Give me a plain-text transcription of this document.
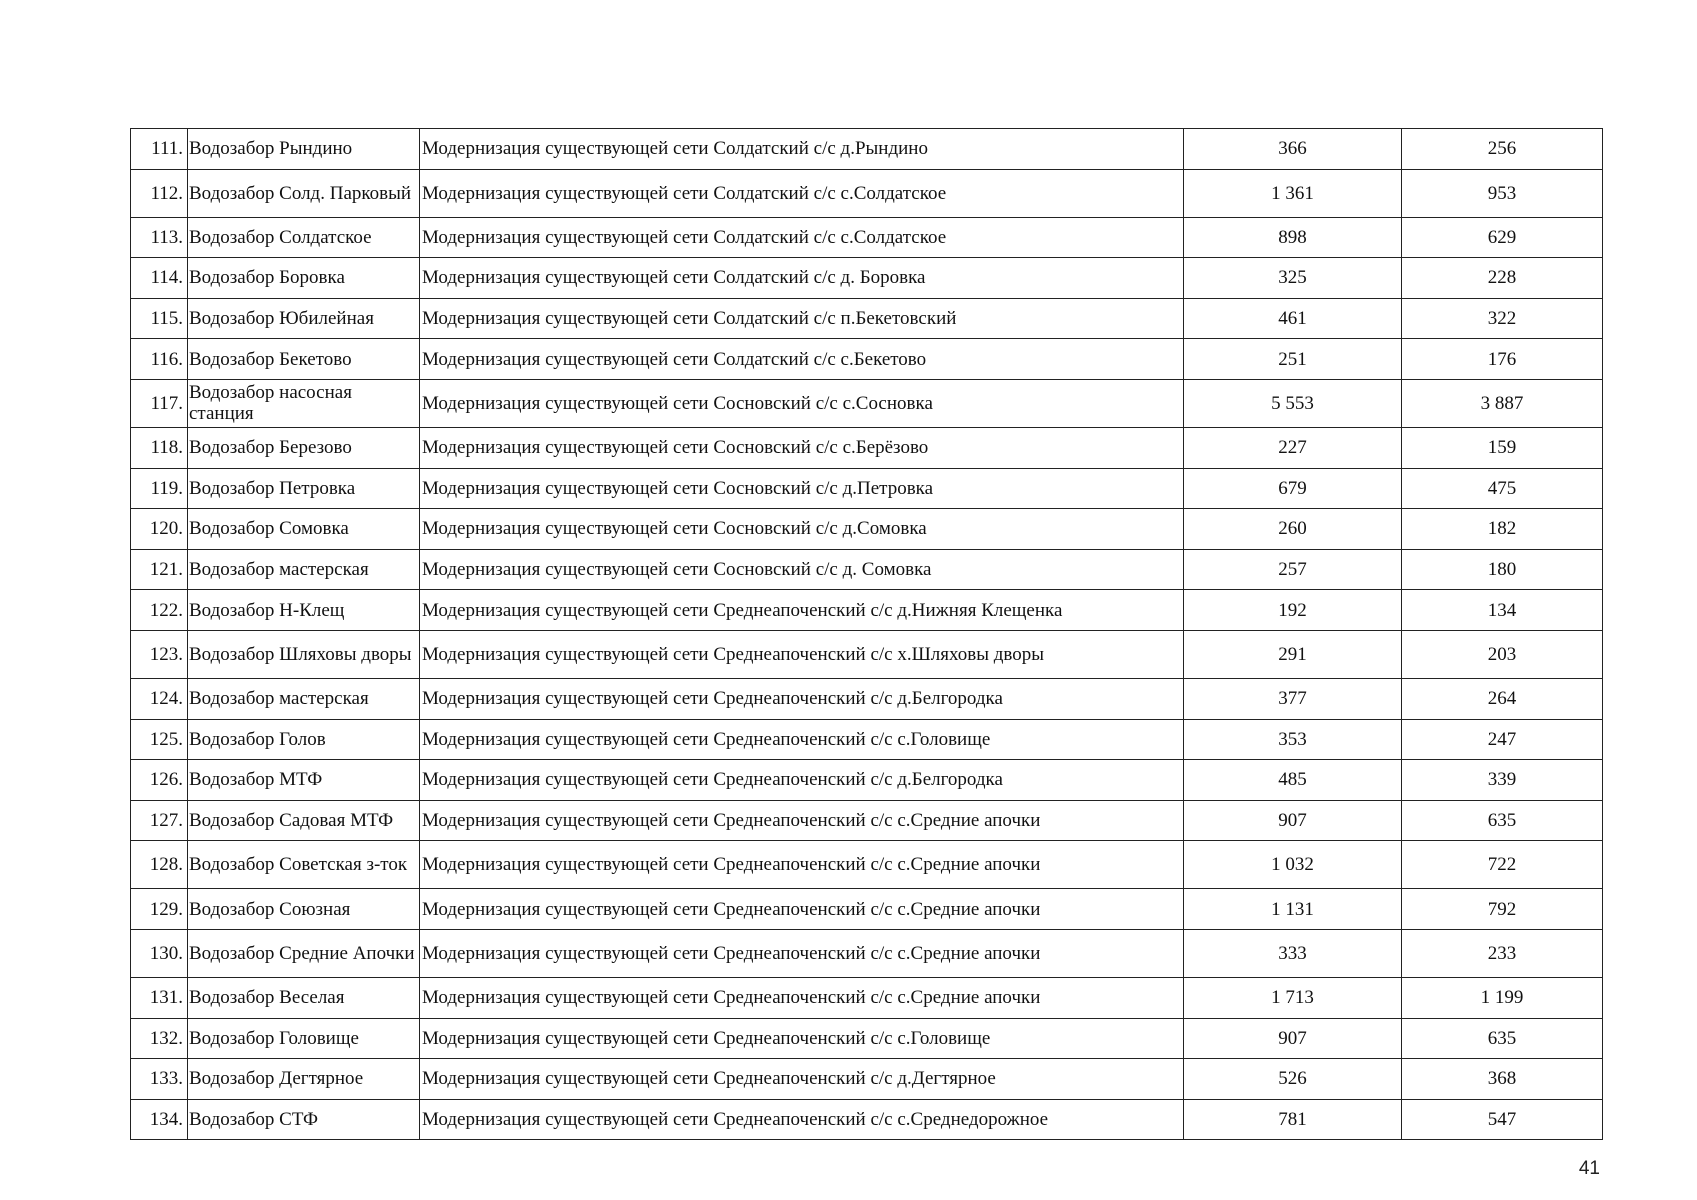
111.	Водозабор Рындино	Модернизация существующей сети Солдатский с/с д.Рындино	366	256
112.	Водозабор Солд. Парковый	Модернизация существующей сети Солдатский с/с с.Солдатское	1 361	953
113.	Водозабор Солдатское	Модернизация существующей сети Солдатский с/с с.Солдатское	898	629
114.	Водозабор Боровка	Модернизация существующей сети Солдатский с/с д. Боровка	325	228
115.	Водозабор Юбилейная	Модернизация существующей сети Солдатский с/с п.Бекетовский	461	322
116.	Водозабор Бекетово	Модернизация существующей сети Солдатский с/с с.Бекетово	251	176
117.	Водозабор насосная станция	Модернизация существующей сети Сосновский с/с с.Сосновка	5 553	3 887
118.	Водозабор Березово	Модернизация существующей сети Сосновский с/с с.Берёзово	227	159
119.	Водозабор Петровка	Модернизация существующей сети Сосновский с/с д.Петровка	679	475
120.	Водозабор Сомовка	Модернизация существующей сети Сосновский с/с д.Сомовка	260	182
121.	Водозабор мастерская	Модернизация существующей сети Сосновский с/с д. Сомовка	257	180
122.	Водозабор Н-Клещ	Модернизация существующей сети Среднеапоченский с/с д.Нижняя Клещенка	192	134
123.	Водозабор Шляховы дворы	Модернизация существующей сети Среднеапоченский с/с х.Шляховы дворы	291	203
124.	Водозабор мастерская	Модернизация существующей сети Среднеапоченский с/с д.Белгородка	377	264
125.	Водозабор Голов	Модернизация существующей сети Среднеапоченский с/с с.Головище	353	247
126.	Водозабор МТФ	Модернизация существующей сети Среднеапоченский с/с д.Белгородка	485	339
127.	Водозабор Садовая МТФ	Модернизация существующей сети Среднеапоченский с/с с.Средние апочки	907	635
128.	Водозабор Советская з-ток	Модернизация существующей сети Среднеапоченский с/с с.Средние апочки	1 032	722
129.	Водозабор Союзная	Модернизация существующей сети Среднеапоченский с/с с.Средние апочки	1 131	792
130.	Водозабор Средние Апочки	Модернизация существующей сети Среднеапоченский с/с с.Средние апочки	333	233
131.	Водозабор Веселая	Модернизация существующей сети Среднеапоченский с/с с.Средние апочки	1 713	1 199
132.	Водозабор Головище	Модернизация существующей сети Среднеапоченский с/с с.Головище	907	635
133.	Водозабор Дегтярное	Модернизация существующей сети Среднеапоченский с/с д.Дегтярное	526	368
134.	Водозабор СТФ	Модернизация существующей сети Среднеапоченский с/с с.Среднедорожное	781	547
41
